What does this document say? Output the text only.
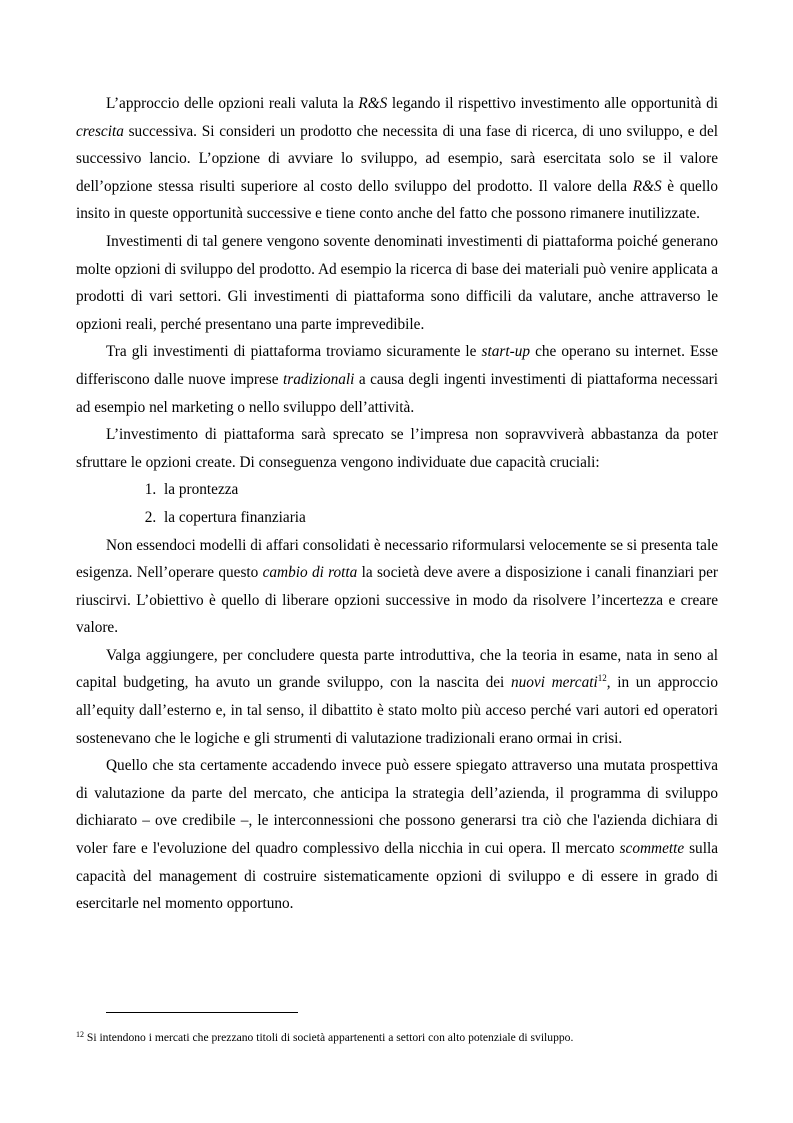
L’approccio delle opzioni reali valuta la R&S legando il rispettivo investimento alle opportunità di crescita successiva. Si consideri un prodotto che necessita di una fase di ricerca, di uno sviluppo, e del successivo lancio. L’opzione di avviare lo sviluppo, ad esempio, sarà esercitata solo se il valore dell’opzione stessa risulti superiore al costo dello sviluppo del prodotto. Il valore della R&S è quello insito in queste opportunità successive e tiene conto anche del fatto che possono rimanere inutilizzate.

Investimenti di tal genere vengono sovente denominati investimenti di piattaforma poiché generano molte opzioni di sviluppo del prodotto. Ad esempio la ricerca di base dei materiali può venire applicata a prodotti di vari settori. Gli investimenti di piattaforma sono difficili da valutare, anche attraverso le opzioni reali, perché presentano una parte imprevedibile.

Tra gli investimenti di piattaforma troviamo sicuramente le start-up che operano su internet. Esse differiscono dalle nuove imprese tradizionali a causa degli ingenti investimenti di piattaforma necessari ad esempio nel marketing o nello sviluppo dell’attività.

L’investimento di piattaforma sarà sprecato se l’impresa non sopravviverà abbastanza da poter sfruttare le opzioni create. Di conseguenza vengono individuate due capacità cruciali:

1. la prontezza
2. la copertura finanziaria

Non essendoci modelli di affari consolidati è necessario riformularsi velocemente se si presenta tale esigenza. Nell’operare questo cambio di rotta la società deve avere a disposizione i canali finanziari per riuscirvi. L’obiettivo è quello di liberare opzioni successive in modo da risolvere l’incertezza e creare valore.

Valga aggiungere, per concludere questa parte introduttiva, che la teoria in esame, nata in seno al capital budgeting, ha avuto un grande sviluppo, con la nascita dei nuovi mercati$^{12}$, in un approccio all’equity dall’esterno e, in tal senso, il dibattito è stato molto più acceso perché vari autori ed operatori sostenevano che le logiche e gli strumenti di valutazione tradizionali erano ormai in crisi.

Quello che sta certamente accadendo invece può essere spiegato attraverso una mutata prospettiva di valutazione da parte del mercato, che anticipa la strategia dell’azienda, il programma di sviluppo dichiarato – ove credibile –, le interconnessioni che possono generarsi tra ciò che l'azienda dichiara di voler fare e l'evoluzione del quadro complessivo della nicchia in cui opera. Il mercato scommette sulla capacità del management di costruire sistematicamente opzioni di sviluppo e di essere in grado di esercitarle nel momento opportuno.

$^{12}$ Si intendono i mercati che prezzano titoli di società appartenenti a settori con alto potenziale di sviluppo.
